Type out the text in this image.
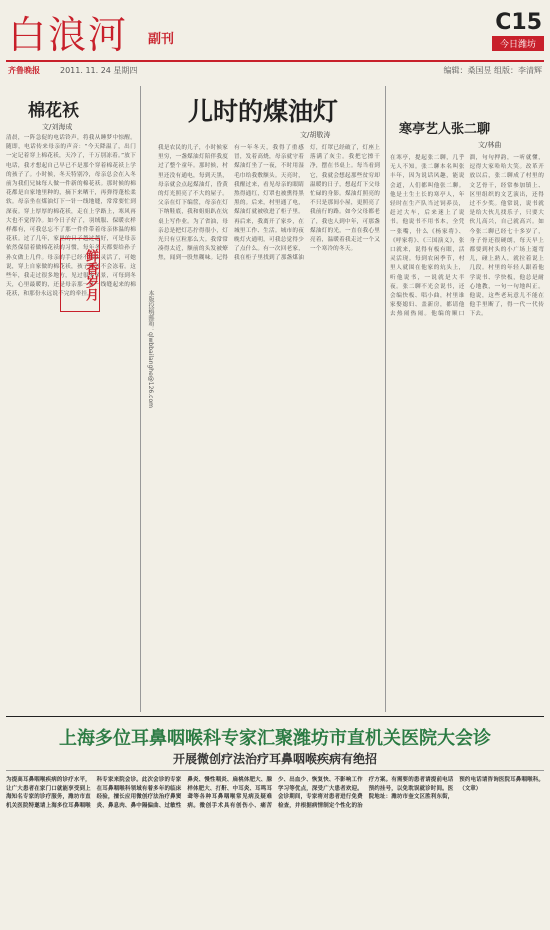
白浪河 副刊
C15
今日潍坊
齐鲁晚报	2011. 11. 24 星期四	编辑：桑国昱 组版：李清辉
棉花袄
文/刘海成
清晨，一阵急促的电话铃声，将我从睡梦中惊醒。随即，电话传来母亲的声音：“今天降温了，出门一定记着穿上棉花袄，天冷了，千万别冻着。”放下电话，我才想起自己早已不是那个穿着棉花袄上学的孩子了。小时候，冬天特别冷，母亲总会在入冬前为我们兄妹每人做一件新的棉花袄。那时候的棉花都是自家地里种的，摘下来晒干，再弹得蓬松柔软。母亲坐在煤油灯下一针一线地缝，常常要忙到深夜。穿上厚厚的棉花袄，走在上学路上，寒风再大也不觉得冷。如今日子好了，羽绒服、保暖衣样样都有，可我总忘不了那一件件带着母亲体温的棉花袄。过了几年，家里的日子越过越好，可是母亲依然保留着做棉花袄的习惯，每年冬天都要给孙子孙女做上几件。母亲的手已经不那么灵活了，可她说，穿上自家做的棉花袄，孩子们才不会冻着。这些年，我走过很多地方，见过很多风景，可每到冬天，心里最暖的，还是母亲那一针一线缝起来的棉花袄，和那份永远说不完的牵挂。
鲜香岁月
本版投稿邮箱：qlwbbailanghe@126.com
儿时的煤油灯
文/胡敬涛
我是农民的儿子，小时候家里穷，一盏煤油灯陪伴我度过了整个童年。那时候，村里还没有通电，每到天黑，母亲就会点起煤油灯，昏黄的灯光照亮了不大的屋子。父亲在灯下编筐，母亲在灯下纳鞋底，我和姐姐趴在炕桌上写作业。为了省油，母亲总是把灯芯拧得很小，灯光只有豆粒那么大。我常常凑得太近，额前的头发被燎焦，闻到一股焦糊味。记得有一年冬天，我得了重感冒，发着高烧，母亲就守着煤油灯坐了一夜，不时用湿毛巾给我敷额头。天亮时，我醒过来，看见母亲的眼睛熬得通红，灯罩也被熏得黑黑的。后来，村里通了电，煤油灯就被收进了柜子里。再后来，我离开了家乡，在城里工作、生活。城市的夜晚灯火通明，可我总觉得少了点什么。有一次回老家，我在柜子里找到了那盏煤油灯，灯罩已经破了，灯座上落满了灰尘。我把它擦干净，摆在书桌上。每当看到它，我就会想起那些贫穷却温暖的日子，想起灯下父母忙碌的身影。煤油灯照亮的不只是那间小屋，更照亮了我前行的路。如今父母都老了，我也人到中年，可那盏煤油灯的光，一直在我心里亮着，温暖着我走过一个又一个寒冷的冬天。
寒亭艺人张二聊
文/林曲
在寒亭，提起张二聊，几乎无人不知。张二聊本名叫张丰年，因为说话风趣，能说会道，人们都叫他张二聊。他是土生土长的寒亭人，年轻时在生产队当过饲养员，赶过大车，后来迷上了说书。他说书不用书本，全凭一张嘴，什么《杨家将》、《呼家将》、《三国演义》，张口就来，说得有板有眼，活灵活现。每到农闲季节，村里人就围在他家的炕头上，听他说书，一说就是大半夜。张二聊不光会说书，还会编快板、唱小曲，村里谁家娶媳妇、盖新房，都请他去热闹热闹。他编的顺口溜，句句押韵，一听就懂，逗得大家哈哈大笑。改革开放以后，张二聊成了村里的文艺骨干，经常参加镇上、区里组织的文艺演出，还得过不少奖。他常说，说书就是给大伙儿找乐子，只要大伙儿高兴，自己就高兴。如今张二聊已经七十多岁了，身子骨还很硬朗，每天早上都要到村头的小广场上遛弯儿，碰上熟人，就拉着说上几段。村里的年轻人跟着他学说书、学快板，他总是耐心地教，一句一句地纠正。他说，这些老玩意儿不能在他手里断了，得一代一代传下去。
上海多位耳鼻咽喉科专家汇聚潍坊市直机关医院大会诊
开展微创疗法治疗耳鼻咽喉疾病有绝招
为提高耳鼻咽喉疾病的诊疗水平，让广大患者在家门口就能享受到上海知名专家的诊疗服务，潍坊市直机关医院特邀请上海多位耳鼻咽喉科专家来院会诊。此次会诊的专家在耳鼻咽喉科领域有着多年的临床经验，擅长应用微创疗法治疗鼻窦炎、鼻息肉、鼻中隔偏曲、过敏性鼻炎、慢性咽炎、扁桃体肥大、腺样体肥大、打鼾、中耳炎、耳鸣耳聋等各种耳鼻咽喉常见病及疑难病。微创手术具有创伤小、痛苦少、出血少、恢复快、不影响工作学习等优点，深受广大患者欢迎。会诊期间，专家将对患者进行免费检查，并根据病情制定个性化的治疗方案。有需要的患者请提前电话预约挂号，以免耽误就诊时间。医院地址：潍坊市奎文区胜利东街，预约电话请咨询医院耳鼻咽喉科。（文章）
